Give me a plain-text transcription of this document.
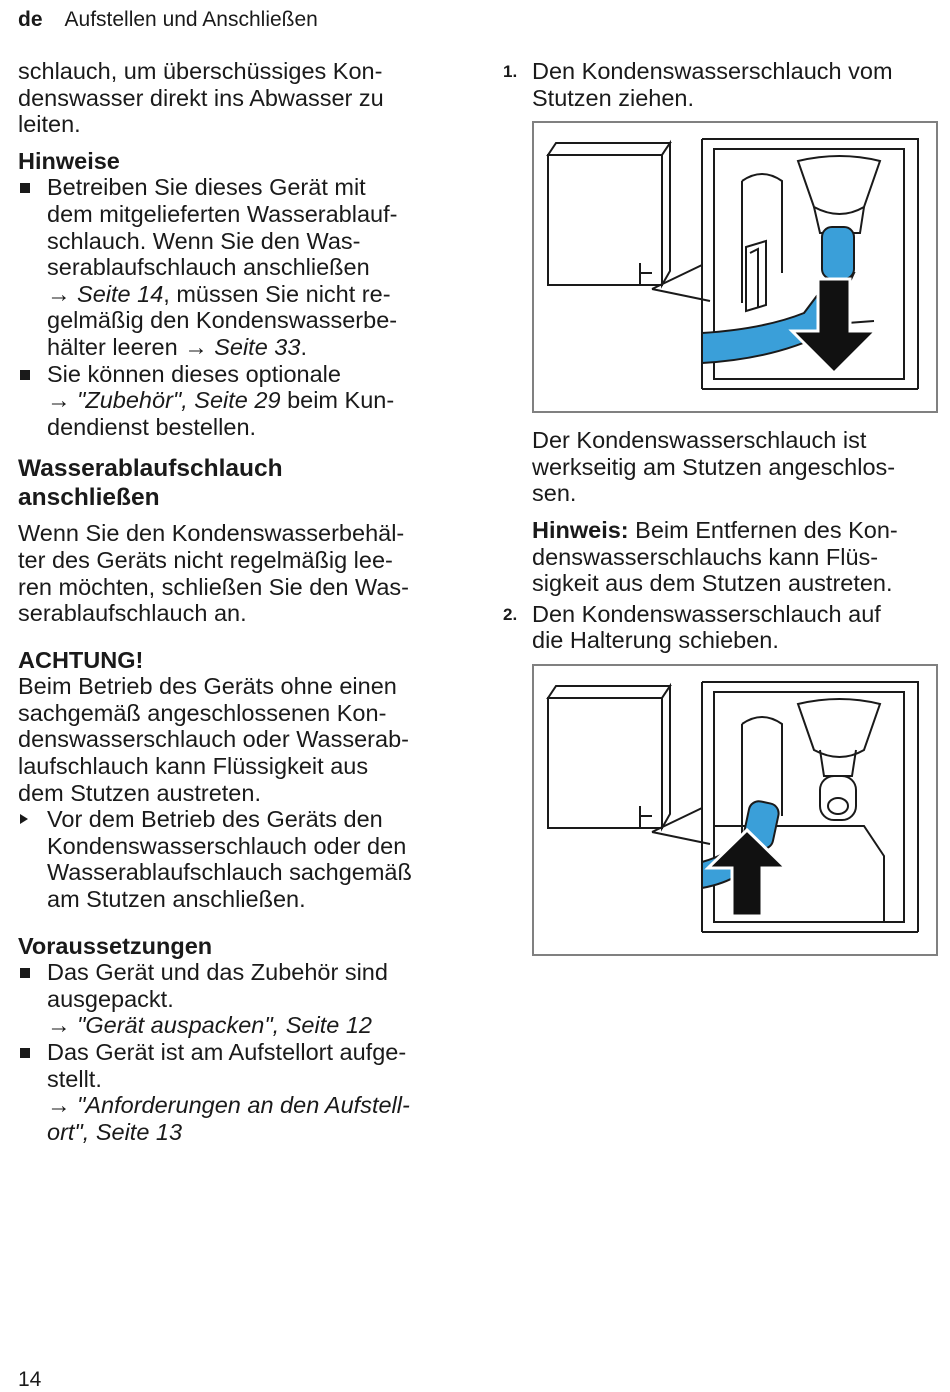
de Aufstellen und Anschließen

schlauch, um überschüssiges Kon-
denswasser direkt ins Abwasser zu
leiten.

Hinweise

Betreiben Sie dieses Gerät mit
dem mitgelieferten Wasserablauf-
schlauch. Wenn Sie den Was-
serablaufschlauch anschließen
→ Seite 14, müssen Sie nicht re-
gelmäßig den Kondenswasserbe-
hälter leeren → Seite 33.
Sie können dieses optionale
→ "Zubehör", Seite 29 beim Kun-
dendienst bestellen.

Wasserablaufschlauch
anschließen

Wenn Sie den Kondenswasserbehäl-
ter des Geräts nicht regelmäßig lee-
ren möchten, schließen Sie den Was-
serablaufschlauch an.

ACHTUNG!

Beim Betrieb des Geräts ohne einen
sachgemäß angeschlossenen Kon-
denswasserschlauch oder Wasserab-
laufschlauch kann Flüssigkeit aus
dem Stutzen austreten.

Vor dem Betrieb des Geräts den
Kondenswasserschlauch oder den
Wasserablaufschlauch sachgemäß
am Stutzen anschließen.

Voraussetzungen

Das Gerät und das Zubehör sind
ausgepackt.
→ "Gerät auspacken", Seite 12
Das Gerät ist am Aufstellort aufge-
stellt.
→ "Anforderungen an den Aufstell-
ort", Seite 13
1. Den Kondenswasserschlauch vom
Stutzen ziehen.

Der Kondenswasserschlauch ist
werkseitig am Stutzen angeschlos-
sen.

Hinweis: Beim Entfernen des Kon-
denswasserschlauchs kann Flüs-
sigkeit aus dem Stutzen austreten.

2. Den Kondenswasserschlauch auf
die Halterung schieben.
14
